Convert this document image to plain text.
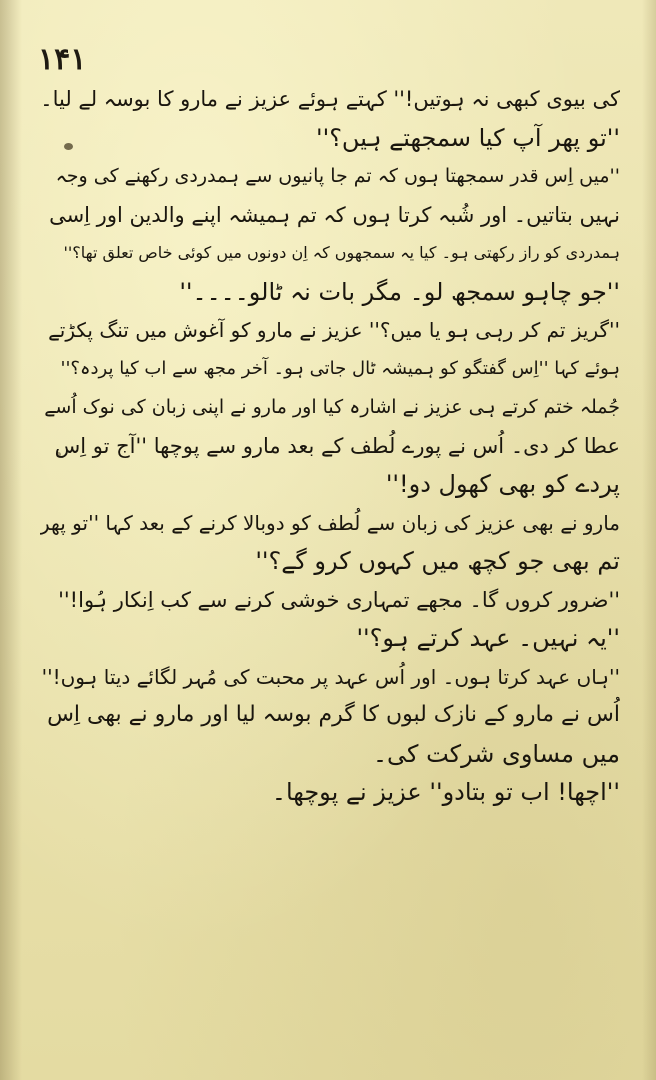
۱۴۱
کی بیوی کبھی نہ ہوتیں!'' کہتے ہوئے عزیز نے مارو کا بوسہ لے لیا۔
''تو پھر آپ کیا سمجھتے ہیں؟''
''میں اِس قدر سمجھتا ہوں کہ تم جا پانیوں سے ہمدردی رکھنے کی وجہ
نہیں بتاتیں۔ اور شُبہ کرتا ہوں کہ تم ہمیشہ اپنے والدین اور اِسی
ہمدردی کو راز رکھتی ہو۔ کیا یہ سمجھوں کہ اِن دونوں میں کوئی خاص تعلق تھا؟''
''جو چاہو سمجھ لو۔ مگر بات نہ ٹالو۔۔۔۔''
''گریز تم کر رہی ہو یا میں؟'' عزیز نے مارو کو آغوش میں تنگ پکڑتے
ہوئے کہا ''اِس گفتگو کو ہمیشہ ٹال جاتی ہو۔ آخر مجھ سے اب کیا پردہ؟''
جُملہ ختم کرتے ہی عزیز نے اشارہ کیا اور مارو نے اپنی زبان کی نوک اُسے
عطا کر دی۔ اُس نے پورے لُطف کے بعد مارو سے پوچھا ''آج تو اِس
پردے کو بھی کھول دو!''
مارو نے بھی عزیز کی زبان سے لُطف کو دوبالا کرنے کے بعد کہا ''تو پھر
تم بھی جو کچھ میں کہوں کرو گے؟''
''ضرور کروں گا۔ مجھے تمہاری خوشی کرنے سے کب اِنکار ہُوا!''
''یہ نہیں۔ عہد کرتے ہو؟''
''ہاں عہد کرتا ہوں۔ اور اُس عہد پر محبت کی مُہر لگائے دیتا ہوں!''
اُس نے مارو کے نازک لبوں کا گرم بوسہ لیا اور مارو نے بھی اِس
میں مساوی شرکت کی۔
''اچھا! اب تو بتادو'' عزیز نے پوچھا۔
